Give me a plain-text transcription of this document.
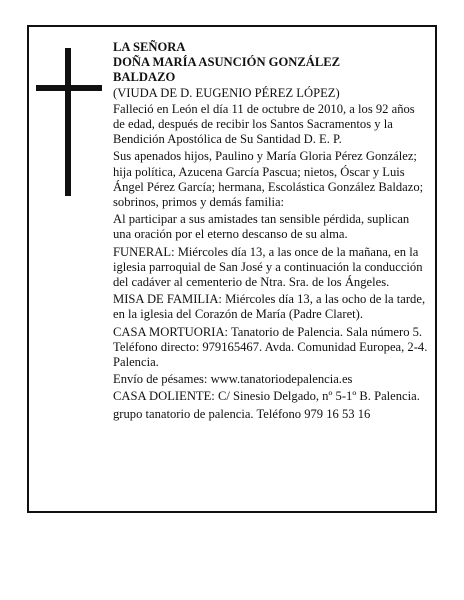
LA SEÑORA
DOÑA MARÍA ASUNCIÓN GONZÁLEZ
BALDAZO
(VIUDA DE D. EUGENIO PÉREZ LÓPEZ)
Falleció en León el día 11 de octubre de 2010, a los 92 años de edad, después de recibir los Santos Sacramentos y la Bendición Apostólica de Su Santidad D. E. P.
Sus apenados hijos, Paulino y María Gloria Pérez González; hija política, Azucena García Pascua; nietos, Óscar y Luis Ángel Pérez García; hermana, Escolástica González Baldazo; sobrinos, primos y demás familia:
Al participar a sus amistades tan sensible pérdida, suplican una oración por el eterno descanso de su alma.
FUNERAL: Miércoles día 13, a las once de la mañana, en la iglesia parroquial de San José y a continuación la conducción del cadáver al cementerio de Ntra. Sra. de los Ángeles.
MISA DE FAMILIA: Miércoles día 13, a las ocho de la tarde, en la iglesia del Corazón de María (Padre Claret).
CASA MORTUORIA: Tanatorio de Palencia. Sala número 5. Teléfono directo: 979165467. Avda. Comunidad Europea, 2-4. Palencia.
Envío de pésames: www.tanatoriodepalencia.es
CASA DOLIENTE: C/ Sinesio Delgado, nº 5-1º B. Palencia.
grupo tanatorio de palencia. Teléfono 979 16 53 16
